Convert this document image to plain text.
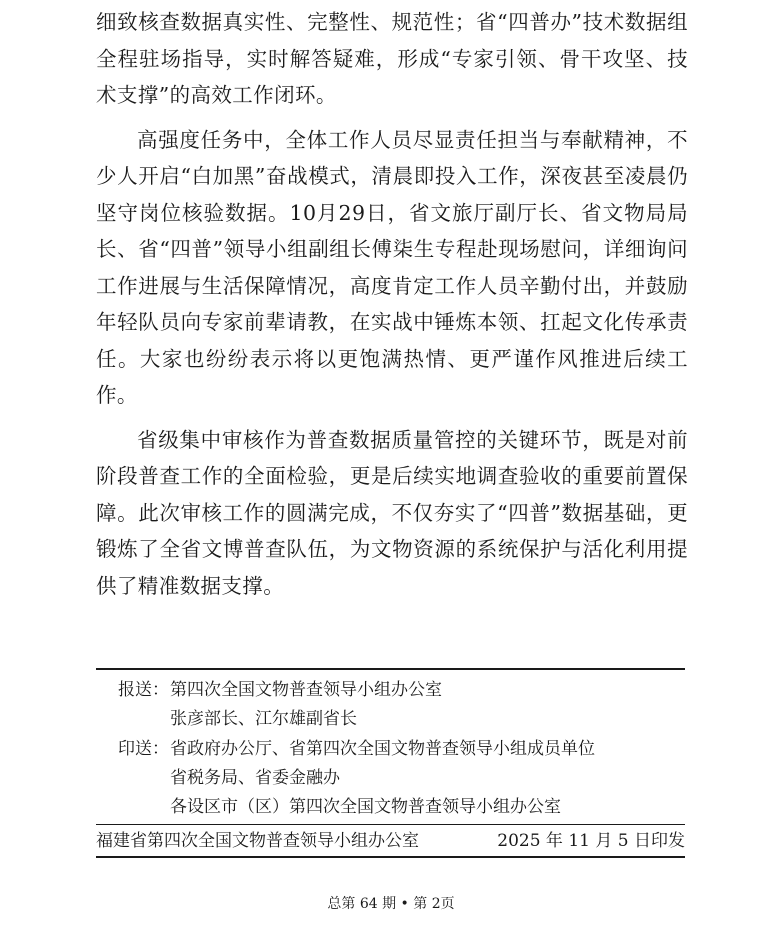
细致核查数据真实性、完整性、规范性；省“四普办”技术数据组全程驻场指导，实时解答疑难，形成“专家引领、骨干攻坚、技术支撑”的高效工作闭环。

高强度任务中，全体工作人员尽显责任担当与奉献精神，不少人开启“白加黑”奋战模式，清晨即投入工作，深夜甚至凌晨仍坚守岗位核验数据。10月29日，省文旅厅副厅长、省文物局局长、省“四普”领导小组副组长傅柒生专程赴现场慰问，详细询问工作进展与生活保障情况，高度肯定工作人员辛勤付出，并鼓励年轻队员向专家前辈请教，在实战中锤炼本领、扛起文化传承责任。大家也纷纷表示将以更饱满热情、更严谨作风推进后续工作。

省级集中审核作为普查数据质量管控的关键环节，既是对前阶段普查工作的全面检验，更是后续实地调查验收的重要前置保障。此次审核工作的圆满完成，不仅夯实了“四普”数据基础，更锻炼了全省文博普查队伍，为文物资源的系统保护与活化利用提供了精准数据支撑。

报送： 第四次全国文物普查领导小组办公室
张彦部长、江尔雄副省长
印送： 省政府办公厅、省第四次全国文物普查领导小组成员单位
省税务局、省委金融办
各设区市（区）第四次全国文物普查领导小组办公室
福建省第四次全国文物普查领导小组办公室	2025 年 11 月 5 日印发
总第 64 期 • 第 2页
